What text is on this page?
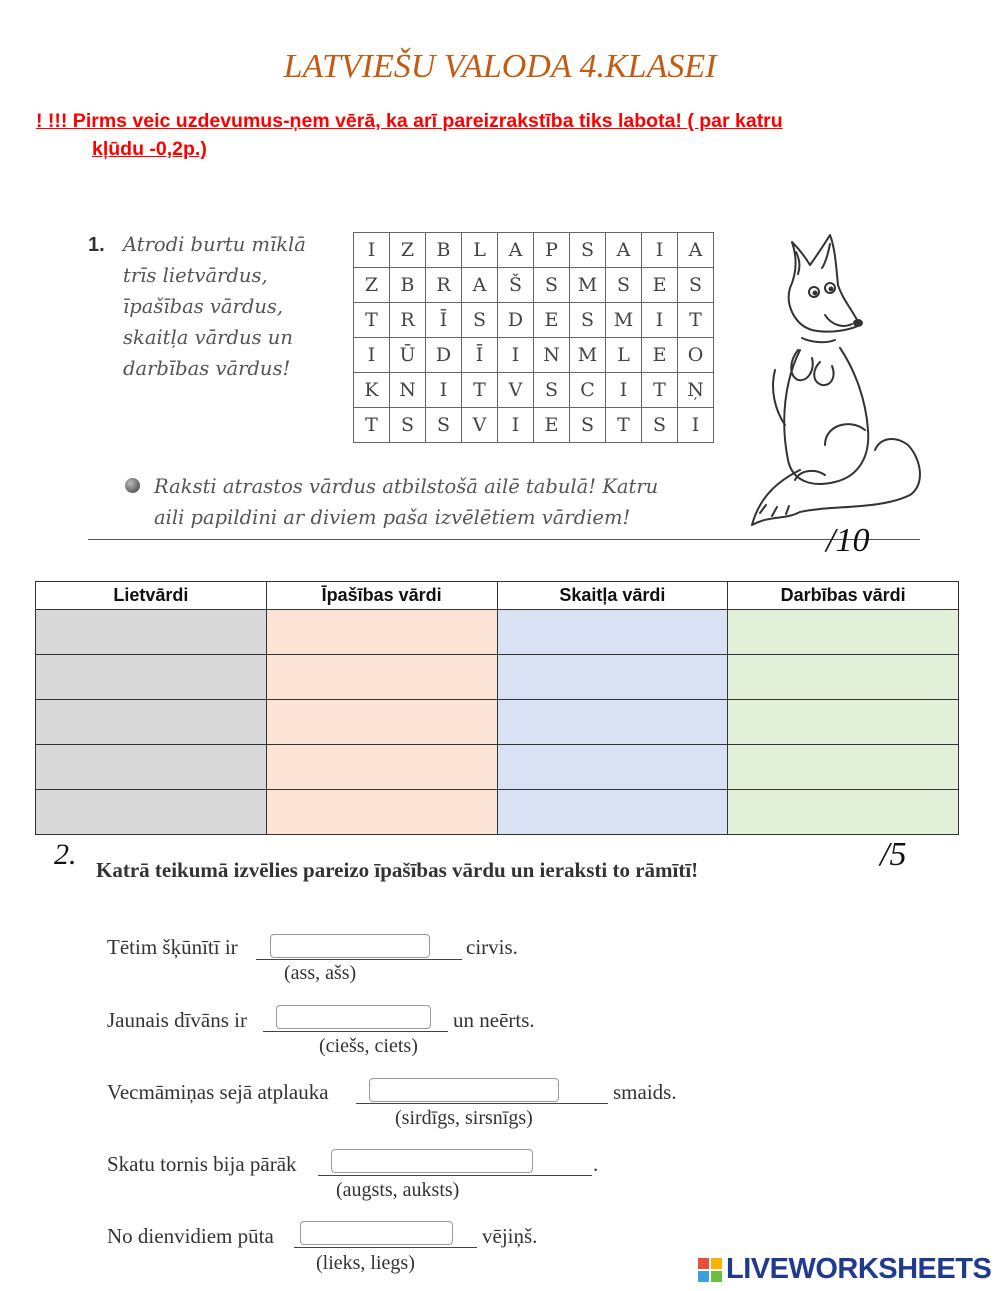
LATVIEŠU VALODA 4.KLASEI
! !!! Pirms veic uzdevumus-ņem vērā, ka arī pareizrakstība tiks labota! ( par katru
kļūdu -0,2p.)
1. Atrodi burtu mīklā
trīs lietvārdus,
īpašības vārdus,
skaitļa vārdus un
darbības vārdus!
I	Z	B	L	A	P	S	A	I	A
Z	B	R	A	Š	S	M	S	E	S
T	R	Ī	S	D	E	S	M	I	T
I	Ū	D	Ī	I	N	M	L	E	O
K	N	I	T	V	S	C	I	T	Ņ
T	S	S	V	I	E	S	T	S	I
Raksti atrastos vārdus atbilstošā ailē tabulā! Katru
aili papildini ar diviem paša izvēlētiem vārdiem!
/10
Lietvārdi	Īpašības vārdi	Skaitļa vārdi	Darbības vārdi

2. Katrā teikumā izvēlies pareizo īpašības vārdu un ieraksti to rāmītī!	/5
Tētim šķūnītī ir	cirvis.
(ass, ašs)
Jaunais dīvāns ir	un neērts.
(ciešs, ciets)
Vecmāmiņas sejā atplauka	smaids.
(sirdīgs, sirsnīgs)
Skatu tornis bija pārāk	.
(augsts, auksts)
No dienvidiem pūta	vējiņš.
(lieks, liegs)	LIVEWORKSHEETS
